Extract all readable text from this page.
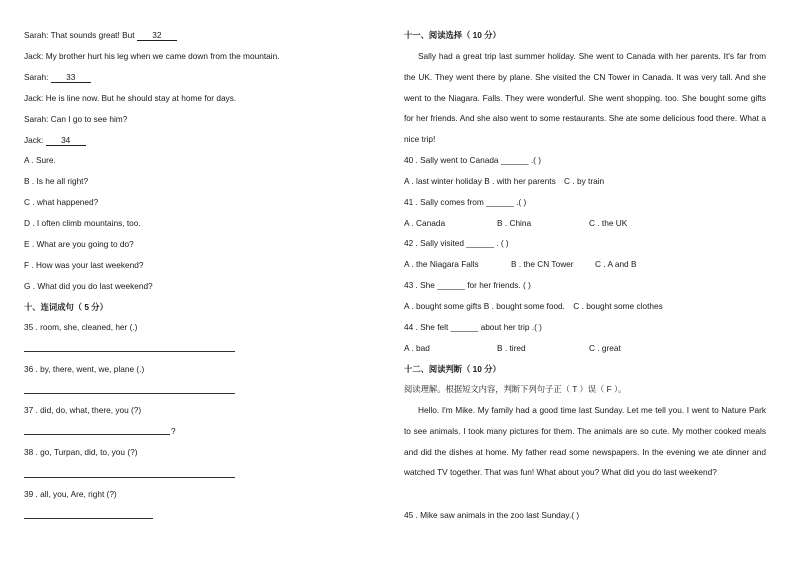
Sarah: That sounds great! But 32
Jack: My brother hurt his leg when we came down from the mountain.
Sarah: 33
Jack: He is line now. But he should stay at home for days.
Sarah: Can I go to see him?
Jack: 34
A . Sure.
B . Is he all right?
C . what happened?
D . I often climb mountains, too.
E . What are you going to do?
F . How was your last weekend?
G . What did you do last weekend?
十、连词成句（ 5 分）
35 . room, she, cleaned, her (.)
36 . by, there, went, we, plane (.)
37 . did, do, what, there, you (?)
?
38 . go, Turpan, did, to, you (?)
39 . all, you, Are, right (?)
十一、阅读选择（ 10 分）
Sally had a great trip last summer holiday. She went to Canada with her parents. It's far from the UK. They went there by plane. She visited the CN Tower in Canada. It was very tall. And she went to the Niagara. Falls. They were wonderful. She went shopping. too. She bought some gifts for her friends. And she also went to some restaurants. She ate some delicious food there. What a nice trip!
40 . Sally went to Canada ______ .( )
A . last winter holiday B . with her parents C . by train
41 . Sally comes from ______ .( )
A . Canada	B . China	C . the UK
42 . Sally visited ______ . ( )
A . the Niagara Falls	B . the CN Tower	C . A and B
43 . She ______ for her friends. ( )
A . bought some gifts B . bought some food. C . bought some clothes
44 . She felt ______ about her trip .( )
A . bad	B . tired	C . great
十二、阅读判断（ 10 分）
阅读理解。根据短文内容，判断下列句子正（ T ）误（ F ）。
Hello. I'm Mike. My family had a good time last Sunday. Let me tell you. I went to Nature Park to see animals. I took many pictures for them. The animals are so cute. My mother cooked meals and did the dishes at home. My father read some newspapers. In the evening we ate dinner and watched TV together. That was fun! What about you? What did you do last weekend?
45 . Mike saw animals in the zoo last Sunday.( )
